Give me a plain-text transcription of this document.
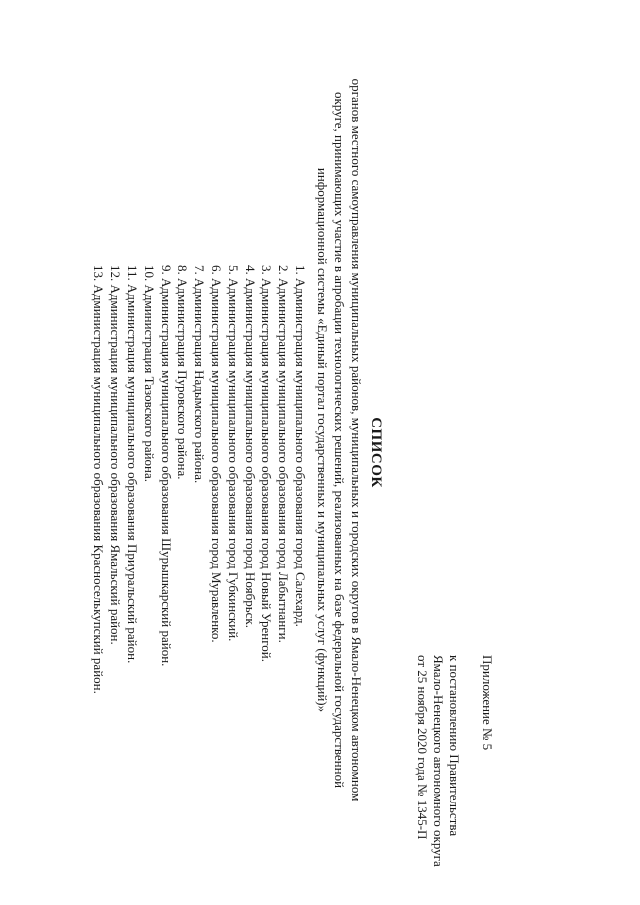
Приложение № 5
к постановлению Правительства
Ямало-Ненецкого автономного округа
от 25 ноября 2020 года № 1345-П
СПИСОК
органов местного самоуправления муниципальных районов, муниципальных и городских округов в Ямало-Ненецком автономном округе, принимающих участие в апробации технологических решений, реализованных на базе федеральной государственной информационной системы «Единый портал государственных и муниципальных услуг (функций)»
1. Администрация муниципального образования город Салехард.
2. Администрация муниципального образования город Лабытнанги.
3. Администрация муниципального образования город Новый Уренгой.
4. Администрация муниципального образования город Ноябрьск.
5. Администрация муниципального образования город Губкинский.
6. Администрация муниципального образования город Муравленко.
7. Администрация Надымского района.
8. Администрация Пуровского района.
9. Администрация муниципального образования Шурышкарский район.
10. Администрация Тазовского района.
11. Администрация муниципального образования Приуральский район.
12. Администрация муниципального образования Ямальский район.
13. Администрация муниципального образования Красноселькупский район.
